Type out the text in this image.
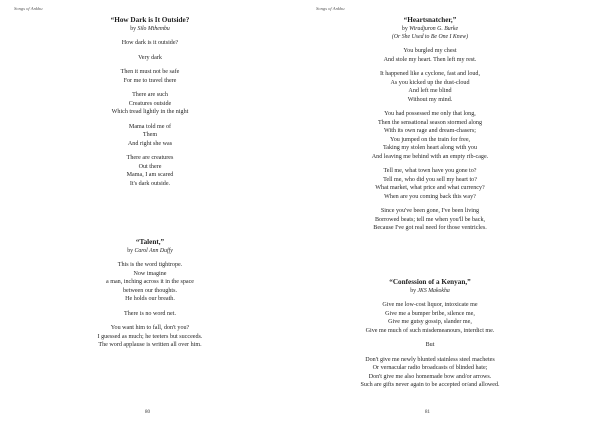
Songs of Ankhu
“How Dark is It Outside?
by Silo Mthembu
How dark is it outside?
Very dark
Then it must not be safe
For me to travel there
There are such
Creatures outside
Which tread lightly in the night
Mama told me of
Them
And right she was
There are creatures
Out there
Mama, I am scared
It's dark outside.
“Talent,”
by Carol Ann Duffy
This is the word tightrope.
Now imagine
a man, inching across it in the space
between our thoughts.
He holds our breath.
There is no word net.
You want him to fall, don't you?
I guessed as much; he teeters but succeeds.
The word applause is written all over him.
80
Songs of Ankhu
“Heartsnatcher,”
by Wiradjuron G. Burke
(Or She Used to Be One I Knew)
You burgled my chest
And stole my heart. Then left my rest.
It happened like a cyclone, fast and loud,
As you kicked up the dust-cloud
And left me blind
Without my mind.
You had possessed me only that long,
Then the sensational season stormed along
With its own rage and dream-chasers;
You jumped on the train for free,
Taking my stolen heart along with you
And leaving me behind with an empty rib-cage.
Tell me, what town have you gone to?
Tell me, who did you sell my heart to?
What market, what price and what currency?
When are you coming back this way?
Since you've been gone, I've been living
Borrowed beats; tell me when you'll be back,
Because I've got real need for those ventricles.
“Confession of a Kenyan,”
by JKS Makokha
Give me low-cost liquor, intoxicate me
Give me a bumper bribe, silence me,
Give me gutsy gossip, slander me,
Give me much of such misdemeanours, interdict me.
But
Don't give me newly blunted stainless steel machetes
Or vernacular radio broadcasts of blinded hate;
Don't give me also homemade bow and/or arrows.
Such are gifts never again to be accepted or/and allowed.
81
